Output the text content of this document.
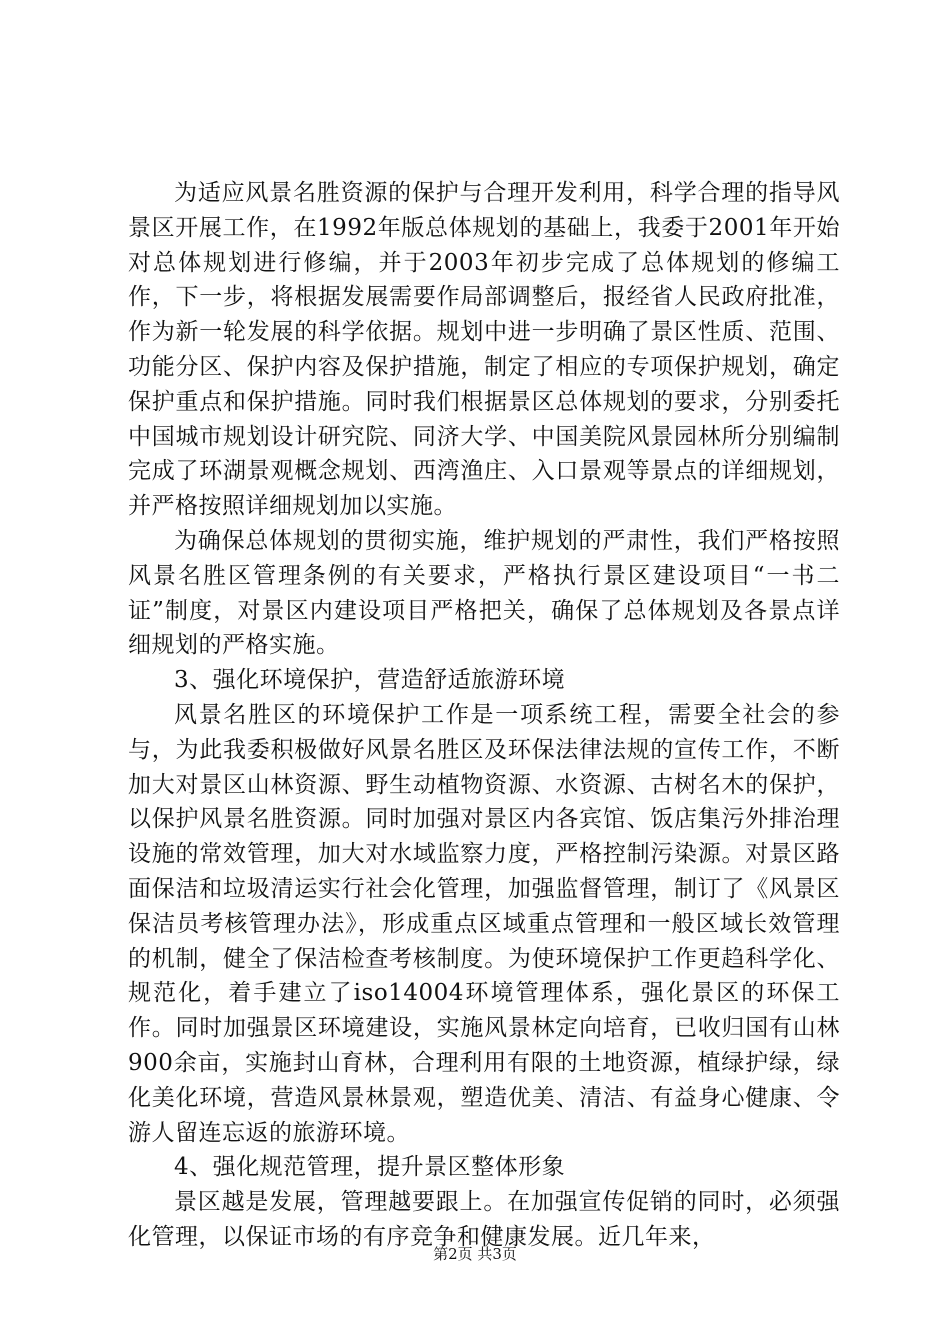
为适应风景名胜资源的保护与合理开发利用，科学合理的指导风景区开展工作，在1992年版总体规划的基础上，我委于2001年开始对总体规划进行修编，并于2003年初步完成了总体规划的修编工作，下一步，将根据发展需要作局部调整后，报经省人民政府批准，作为新一轮发展的科学依据。规划中进一步明确了景区性质、范围、功能分区、保护内容及保护措施，制定了相应的专项保护规划，确定保护重点和保护措施。同时我们根据景区总体规划的要求，分别委托中国城市规划设计研究院、同济大学、中国美院风景园林所分别编制完成了环湖景观概念规划、西湾渔庄、入口景观等景点的详细规划，并严格按照详细规划加以实施。

为确保总体规划的贯彻实施，维护规划的严肃性，我们严格按照风景名胜区管理条例的有关要求，严格执行景区建设项目“一书二证”制度，对景区内建设项目严格把关，确保了总体规划及各景点详细规划的严格实施。

3、强化环境保护，营造舒适旅游环境

风景名胜区的环境保护工作是一项系统工程，需要全社会的参与，为此我委积极做好风景名胜区及环保法律法规的宣传工作，不断加大对景区山林资源、野生动植物资源、水资源、古树名木的保护，以保护风景名胜资源。同时加强对景区内各宾馆、饭店集污外排治理设施的常效管理，加大对水域监察力度，严格控制污染源。对景区路面保洁和垃圾清运实行社会化管理，加强监督管理，制订了《风景区保洁员考核管理办法》，形成重点区域重点管理和一般区域长效管理的机制，健全了保洁检查考核制度。为使环境保护工作更趋科学化、规范化，着手建立了iso14004环境管理体系，强化景区的环保工作。同时加强景区环境建设，实施风景林定向培育，已收归国有山林900余亩，实施封山育林，合理利用有限的土地资源，植绿护绿，绿化美化环境，营造风景林景观，塑造优美、清洁、有益身心健康、令游人留连忘返的旅游环境。

4、强化规范管理，提升景区整体形象

景区越是发展，管理越要跟上。在加强宣传促销的同时，必须强化管理，以保证市场的有序竞争和健康发展。近几年来，

第2页 共3页
